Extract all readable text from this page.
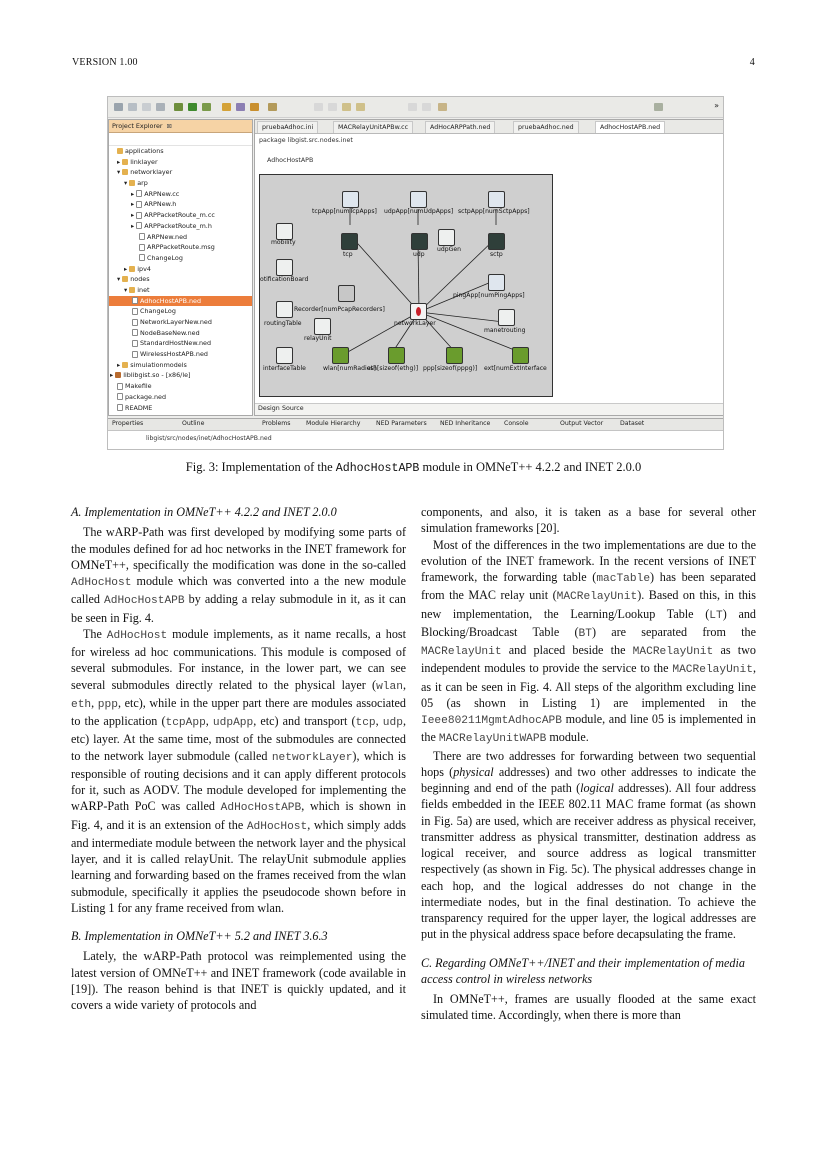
VERSION 1.00	4
»
Project Explorer ⊠
applications
▸ linklayer
▾ networklayer
▾ arp
▸ ARPNew.cc
▸ ARPNew.h
▸ ARPPacketRoute_m.cc
▸ ARPPacketRoute_m.h
ARPNew.ned
ARPPacketRoute.msg
ChangeLog
▸ ipv4
▾ nodes
▾ inet
AdhocHostAPB.ned
ChangeLog
NetworkLayerNew.ned
NodeBaseNew.ned
StandardHostNew.ned
WirelessHostAPB.ned
▸ simulationmodels
▸ liblibgist.so - [x86/le]
Makefile
package.ned
README
pruebaAdhoc.ini	MACRelayUnitAPBw.cc	AdHocARPPath.ned	pruebaAdhoc.ned	AdhocHostAPB.ned
package libgist.src.nodes.inet
AdhocHostAPB
tcpApp[numTcpApps] udpApp[numUdpApps] sctpApp[numSctpApps]
mobility
tcp	udp
udpGen
sctp
otificationBoard
pingApp[numPingApps]
routingTable
Recorder[numPcapRecorders]
networkLayer
relayUnit
manetrouting
interfaceTable	wlan[numRadios]
eth[sizeof(ethg)] ppp[sizeof(pppg)] ext[numExtInterface
Design Source
Properties	Outline	Problems Module Hierarchy	NED Parameters NED Inheritance Console	Output Vector	Dataset
libgist/src/nodes/inet/AdhocHostAPB.ned
Fig. 3: Implementation of the AdhocHostAPB module in OMNeT++ 4.2.2 and INET 2.0.0
A. Implementation in OMNeT++ 4.2.2 and INET 2.0.0

The wARP-Path was first developed by modifying some parts of the modules defined for ad hoc networks in the INET framework for OMNeT++, specifically the modification was done in the so-called AdHocHost module which was converted into a the new module called AdHocHostAPB by adding a relay submodule in it, as it can be seen in Fig. 4.

The AdHocHost module implements, as it name recalls, a host for wireless ad hoc communications. This module is composed of several submodules. For instance, in the lower part, we can see several submodules directly related to the physical layer (wlan, eth, ppp, etc), while in the upper part there are modules associated to the application (tcpApp, udpApp, etc) and transport (tcp, udp, etc) layer. At the same time, most of the submodules are connected to the network layer submodule (called networkLayer), which is responsible of routing decisions and it can apply different protocols for it, such as AODV. The module developed for implementing the wARP-Path PoC was called AdHocHostAPB, which is shown in Fig. 4, and it is an extension of the AdHocHost, which simply adds and intermediate module between the network layer and the physical layer, and it is called relayUnit. The relayUnit submodule applies learning and forwarding based on the frames received from the wlan submodule, specifically it applies the pseudocode shown before in Listing 1 for any frame received from wlan.

B. Implementation in OMNeT++ 5.2 and INET 3.6.3

Lately, the wARP-Path protocol was reimplemented using the latest version of OMNeT++ and INET framework (code available in [19]). The reason behind is that INET is quickly updated, and it covers a wide variety of protocols and

components, and also, it is taken as a base for several other simulation frameworks [20].

Most of the differences in the two implementations are due to the evolution of the INET framework. In the recent versions of INET framework, the forwarding table (macTable) has been separated from the MAC relay unit (MACRelayUnit). Based on this, in this new implementation, the Learning/Lookup Table (LT) and Blocking/Broadcast Table (BT) are separated from the MACRelayUnit and placed beside the MACRelayUnit as two independent modules to provide the service to the MACRelayUnit, as it can be seen in Fig. 4. All steps of the algorithm excluding line 05 (as shown in Listing 1) are implemented in the Ieee80211MgmtAdhocAPB module, and line 05 is implemented in the MACRelayUnitWAPB module.

There are two addresses for forwarding between two sequential hops (physical addresses) and two other addresses to indicate the beginning and end of the path (logical addresses). All four address fields embedded in the IEEE 802.11 MAC frame format (as shown in Fig. 5a) are used, which are receiver address as physical receiver, transmitter address as physical transmitter, destination address as logical receiver, and source address as logical transmitter respectively (as shown in Fig. 5c). The physical addresses change in each hop, and the logical addresses do not change in the intermediate nodes, but in the final destination. To achieve the transparency required for the upper layer, the logical addresses are put in the physical address space before decapsulating the frame.

C. Regarding OMNeT++/INET and their implementation of media access control in wireless networks

In OMNeT++, frames are usually flooded at the same exact simulated time. Accordingly, when there is more than
